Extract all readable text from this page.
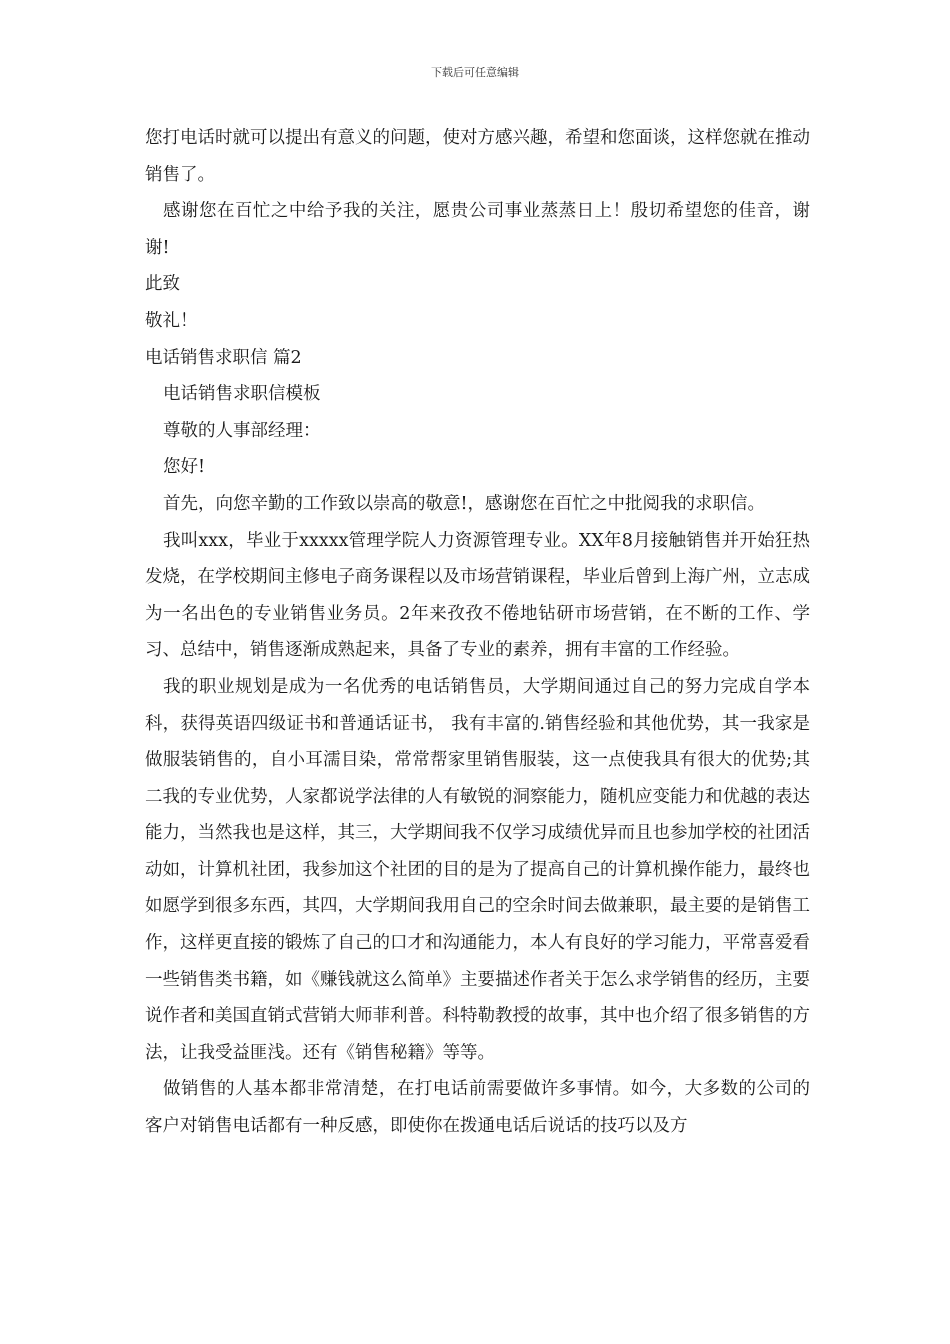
下载后可任意编辑

您打电话时就可以提出有意义的问题，使对方感兴趣，希望和您面谈，这样您就在推动销售了。

感谢您在百忙之中给予我的关注，愿贵公司事业蒸蒸日上！殷切希望您的佳音，谢谢!

此致

敬礼！

电话销售求职信 篇2

电话销售求职信模板

尊敬的人事部经理：

您好!

首先，向您辛勤的工作致以崇高的敬意!，感谢您在百忙之中批阅我的求职信。

我叫xxx，毕业于xxxxx管理学院人力资源管理专业。XX年8月接触销售并开始狂热发烧，在学校期间主修电子商务课程以及市场营销课程，毕业后曾到上海广州，立志成为一名出色的专业销售业务员。2年来孜孜不倦地钻研市场营销，在不断的工作、学习、总结中，销售逐渐成熟起来，具备了专业的素养，拥有丰富的工作经验。

我的职业规划是成为一名优秀的电话销售员，大学期间通过自己的努力完成自学本科，获得英语四级证书和普通话证书， 我有丰富的.销售经验和其他优势，其一我家是做服装销售的，自小耳濡目染，常常帮家里销售服装，这一点使我具有很大的优势;其二我的专业优势，人家都说学法律的人有敏锐的洞察能力，随机应变能力和优越的表达能力，当然我也是这样，其三，大学期间我不仅学习成绩优异而且也参加学校的社团活动如，计算机社团，我参加这个社团的目的是为了提高自己的计算机操作能力，最终也如愿学到很多东西，其四，大学期间我用自己的空余时间去做兼职，最主要的是销售工作，这样更直接的锻炼了自己的口才和沟通能力，本人有良好的学习能力，平常喜爱看一些销售类书籍，如《赚钱就这么简单》主要描述作者关于怎么求学销售的经历，主要说作者和美国直销式营销大师菲利普。科特勒教授的故事，其中也介绍了很多销售的方法，让我受益匪浅。还有《销售秘籍》等等。

做销售的人基本都非常清楚，在打电话前需要做许多事情。如今，大多数的公司的客户对销售电话都有一种反感，即使你在拨通电话后说话的技巧以及方
